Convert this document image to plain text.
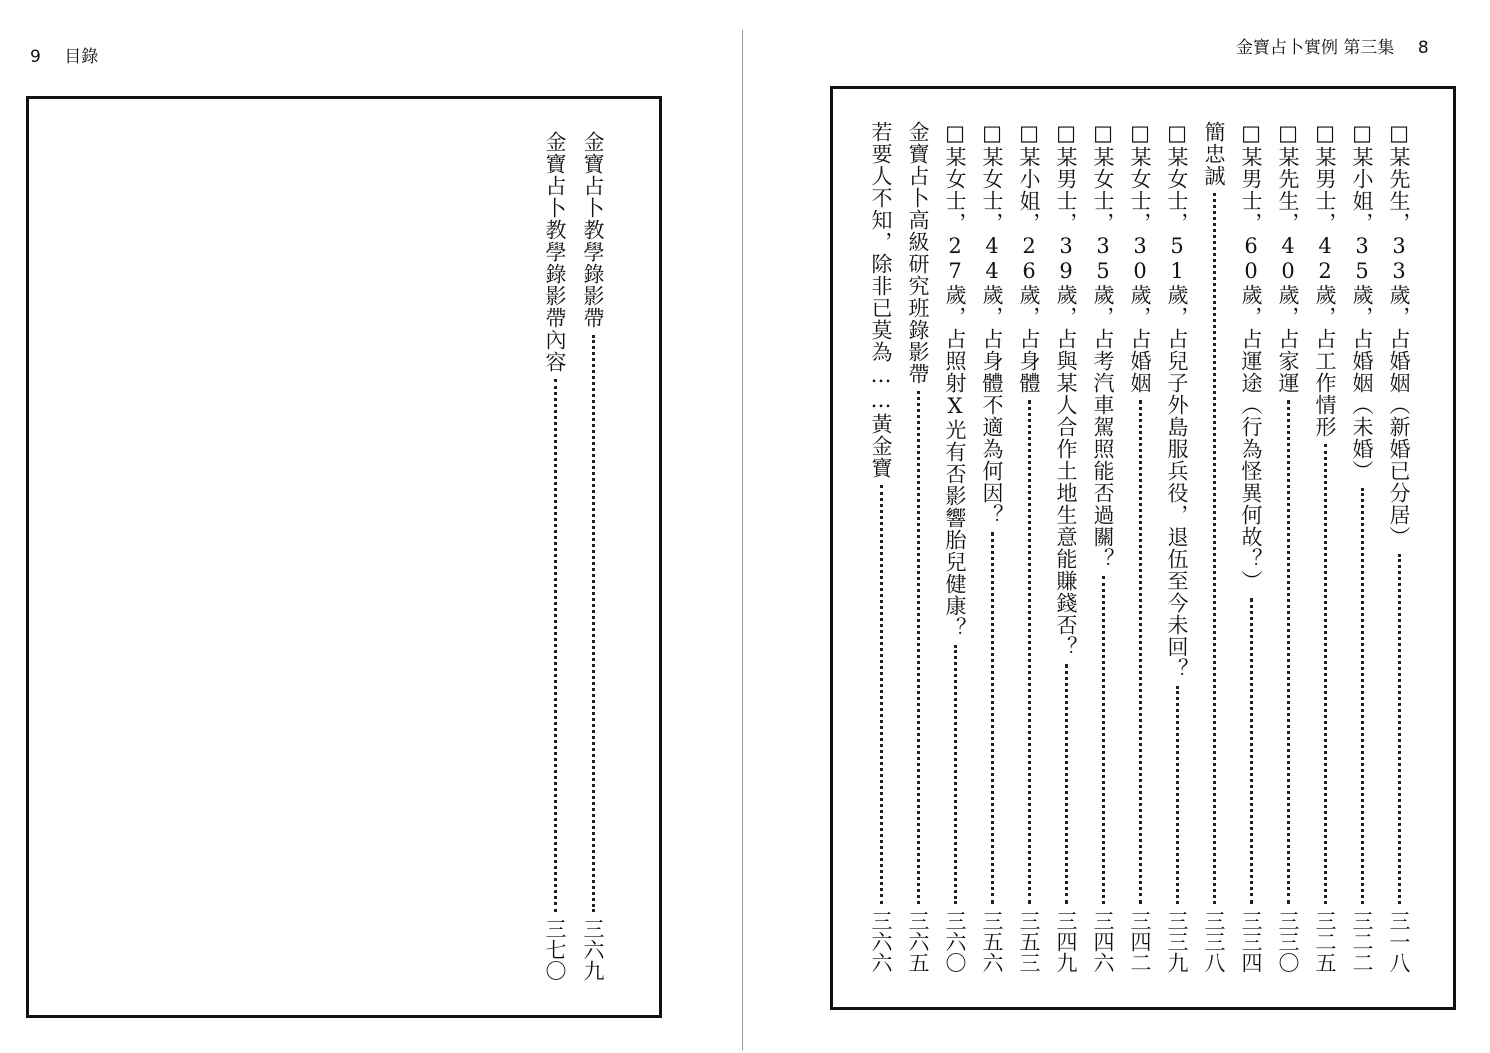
9 目錄	金寶占卜實例 第三集 8
金寶占卜教學錄影帶
三六九
金寶占卜教學錄影帶內容
三七〇
□某先生，33歲，占婚姻（新婚已分居）
三一八
□某小姐，35歲，占婚姻（未婚）
三二二
□某男士，42歲，占工作情形
三二五
□某先生，40歲，占家運
三三〇
□某男士，60歲，占運途（行為怪異何故？）
三三四
簡忠誠
三三八
□某女士，51歲，占兒子外島服兵役，退伍至今未回？
三三九
□某女士，30歲，占婚姻
三四二
□某女士，35歲，占考汽車駕照能否過關？
三四六
□某男士，39歲，占與某人合作土地生意能賺錢否？
三四九
□某小姐，26歲，占身體
三五三
□某女士，44歲，占身體不適為何因？
三五六
□某女士，27歲，占照射X光有否影響胎兒健康？
三六〇
金寶占卜高級研究班錄影帶
三六五
若要人不知，除非已莫為……黃金寶
三六六
